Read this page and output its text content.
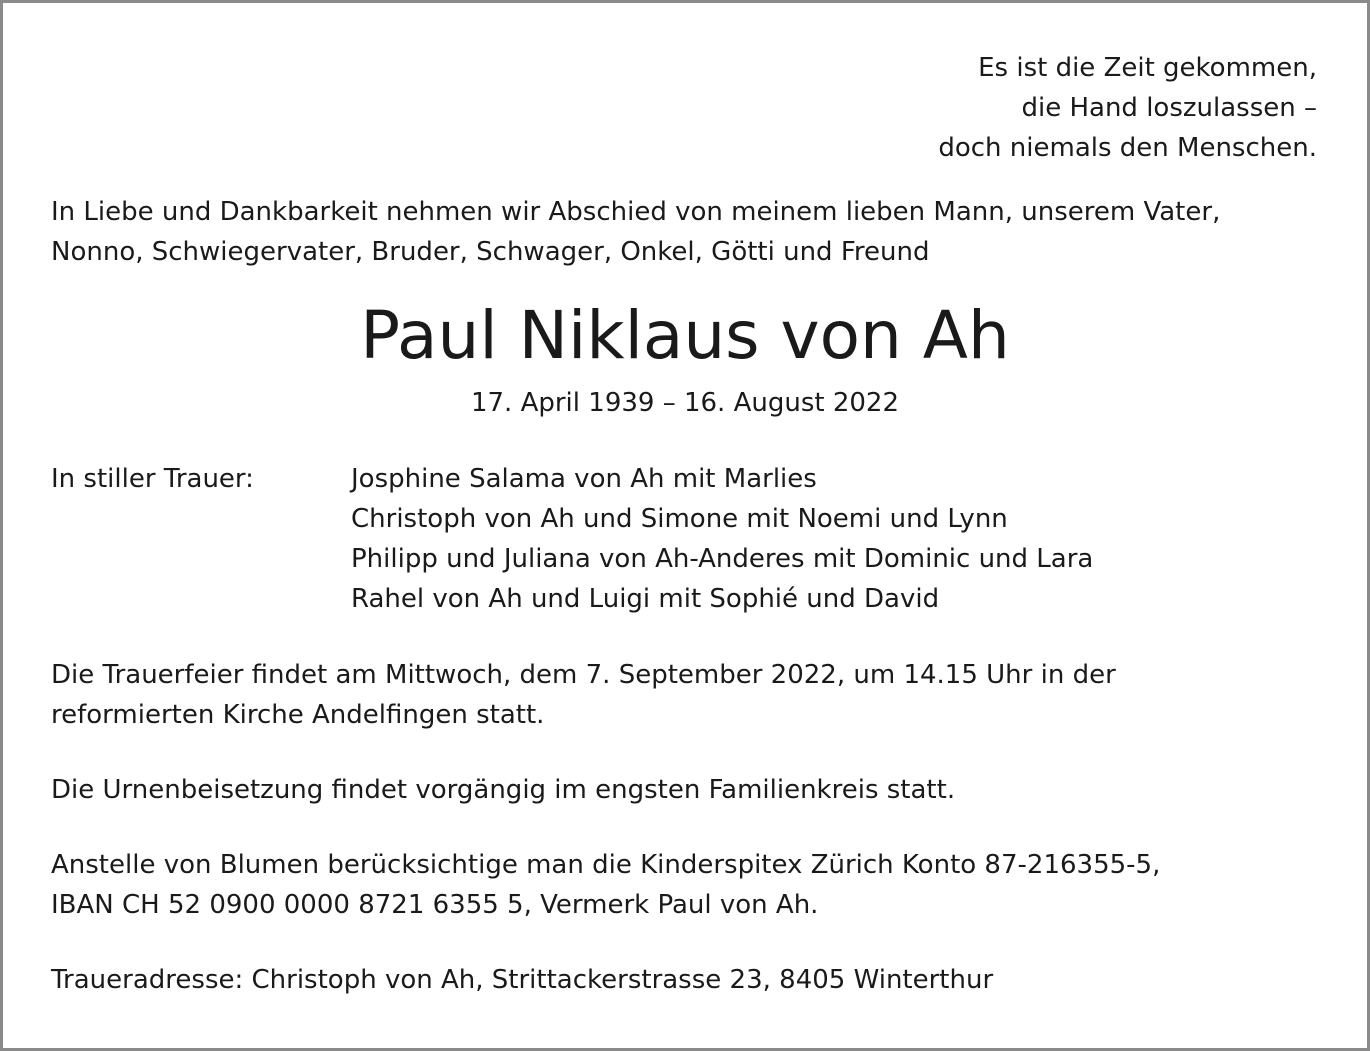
Es ist die Zeit gekommen,
die Hand loszulassen –
doch niemals den Menschen.
In Liebe und Dankbarkeit nehmen wir Abschied von meinem lieben Mann, unserem Vater,
Nonno, Schwiegervater, Bruder, Schwager, Onkel, Götti und Freund
Paul Niklaus von Ah
17. April 1939 – 16. August 2022
In stiller Trauer:	Josphine Salama von Ah mit Marlies
Christoph von Ah und Simone mit Noemi und Lynn
Philipp und Juliana von Ah-Anderes mit Dominic und Lara
Rahel von Ah und Luigi mit Sophié und David
Die Trauerfeier findet am Mittwoch, dem 7. September 2022, um 14.15 Uhr in der
reformierten Kirche Andelfingen statt.
Die Urnenbeisetzung findet vorgängig im engsten Familienkreis statt.
Anstelle von Blumen berücksichtige man die Kinderspitex Zürich Konto 87-216355-5,
IBAN CH 52 0900 0000 8721 6355 5, Vermerk Paul von Ah.
Traueradresse: Christoph von Ah, Strittackerstrasse 23, 8405 Winterthur
